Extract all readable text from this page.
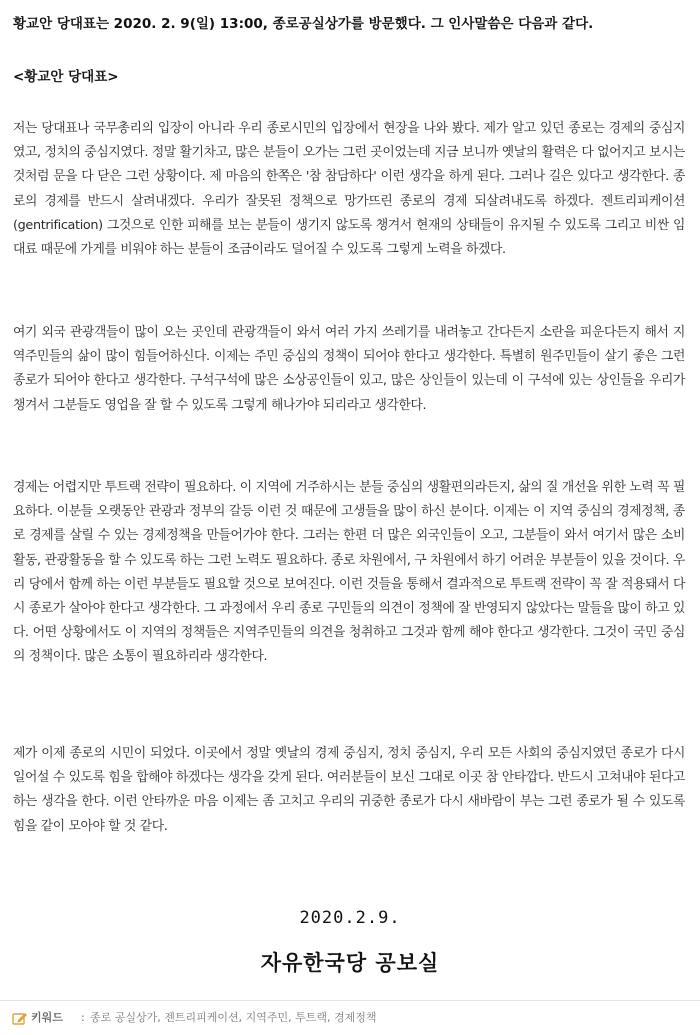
황교안 당대표는 2020. 2. 9(일) 13:00, 종로공실상가를 방문했다. 그 인사말씀은 다음과 같다.
<황교안 당대표>

저는 당대표나 국무총리의 입장이 아니라 우리 종로시민의 입장에서 현장을 나와 봤다. 제가 알고 있던 종로는 경제의 중심지였고, 정치의 중심지였다. 정말 활기차고, 많은 분들이 오가는 그런 곳이었는데 지금 보니까 옛날의 활력은 다 없어지고 보시는 것처럼 문을 다 닫은 그런 상황이다. 제 마음의 한쪽은 '참 참담하다' 이런 생각을 하게 된다. 그러나 길은 있다고 생각한다. 종로의 경제를 반드시 살려내겠다. 우리가 잘못된 정책으로 망가뜨린 종로의 경제 되살려내도록 하겠다. 젠트리피케이션(gentrification) 그것으로 인한 피해를 보는 분들이 생기지 않도록 챙겨서 현재의 상태들이 유지될 수 있도록 그리고 비싼 임대료 때문에 가게를 비워야 하는 분들이 조금이라도 덜어질 수 있도록 그렇게 노력을 하겠다.

여기 외국 관광객들이 많이 오는 곳인데 관광객들이 와서 여러 가지 쓰레기를 내려놓고 간다든지 소란을 피운다든지 해서 지역주민들의 삶이 많이 힘들어하신다. 이제는 주민 중심의 정책이 되어야 한다고 생각한다. 특별히 원주민들이 살기 좋은 그런 종로가 되어야 한다고 생각한다. 구석구석에 많은 소상공인들이 있고, 많은 상인들이 있는데 이 구석에 있는 상인들을 우리가 챙겨서 그분들도 영업을 잘 할 수 있도록 그렇게 해나가야 되리라고 생각한다.

경제는 어렵지만 투트랙 전략이 필요하다. 이 지역에 거주하시는 분들 중심의 생활편의라든지, 삶의 질 개선을 위한 노력 꼭 필요하다. 이분들 오랫동안 관광과 정부의 갈등 이런 것 때문에 고생들을 많이 하신 분이다. 이제는 이 지역 중심의 경제정책, 종로 경제를 살릴 수 있는 경제정책을 만들어가야 한다. 그러는 한편 더 많은 외국인들이 오고, 그분들이 와서 여기서 많은 소비활동, 관광활동을 할 수 있도록 하는 그런 노력도 필요하다. 종로 차원에서, 구 차원에서 하기 어려운 부분들이 있을 것이다. 우리 당에서 함께 하는 이런 부분들도 필요할 것으로 보여진다. 이런 것들을 통해서 결과적으로 투트랙 전략이 꼭 잘 적용돼서 다시 종로가 살아야 한다고 생각한다. 그 과정에서 우리 종로 구민들의 의견이 정책에 잘 반영되지 않았다는 말들을 많이 하고 있다. 어떤 상황에서도 이 지역의 정책들은 지역주민들의 의견을 청취하고 그것과 함께 해야 한다고 생각한다. 그것이 국민 중심의 정책이다. 많은 소통이 필요하리라 생각한다.

제가 이제 종로의 시민이 되었다. 이곳에서 정말 옛날의 경제 중심지, 정치 중심지, 우리 모든 사회의 중심지였던 종로가 다시 일어설 수 있도록 힘을 합해야 하겠다는 생각을 갖게 된다. 여러분들이 보신 그대로 이곳 참 안타깝다. 반드시 고쳐내야 된다고 하는 생각을 한다. 이런 안타까운 마음 이제는 좀 고치고 우리의 귀중한 종로가 다시 새바람이 부는 그런 종로가 될 수 있도록 힘을 같이 모아야 할 것 같다.

2020.2.9.
자유한국당 공보실
키워드 : 종로 공실상가, 젠트리피케이션, 지역주민, 투트랙, 경제정책
